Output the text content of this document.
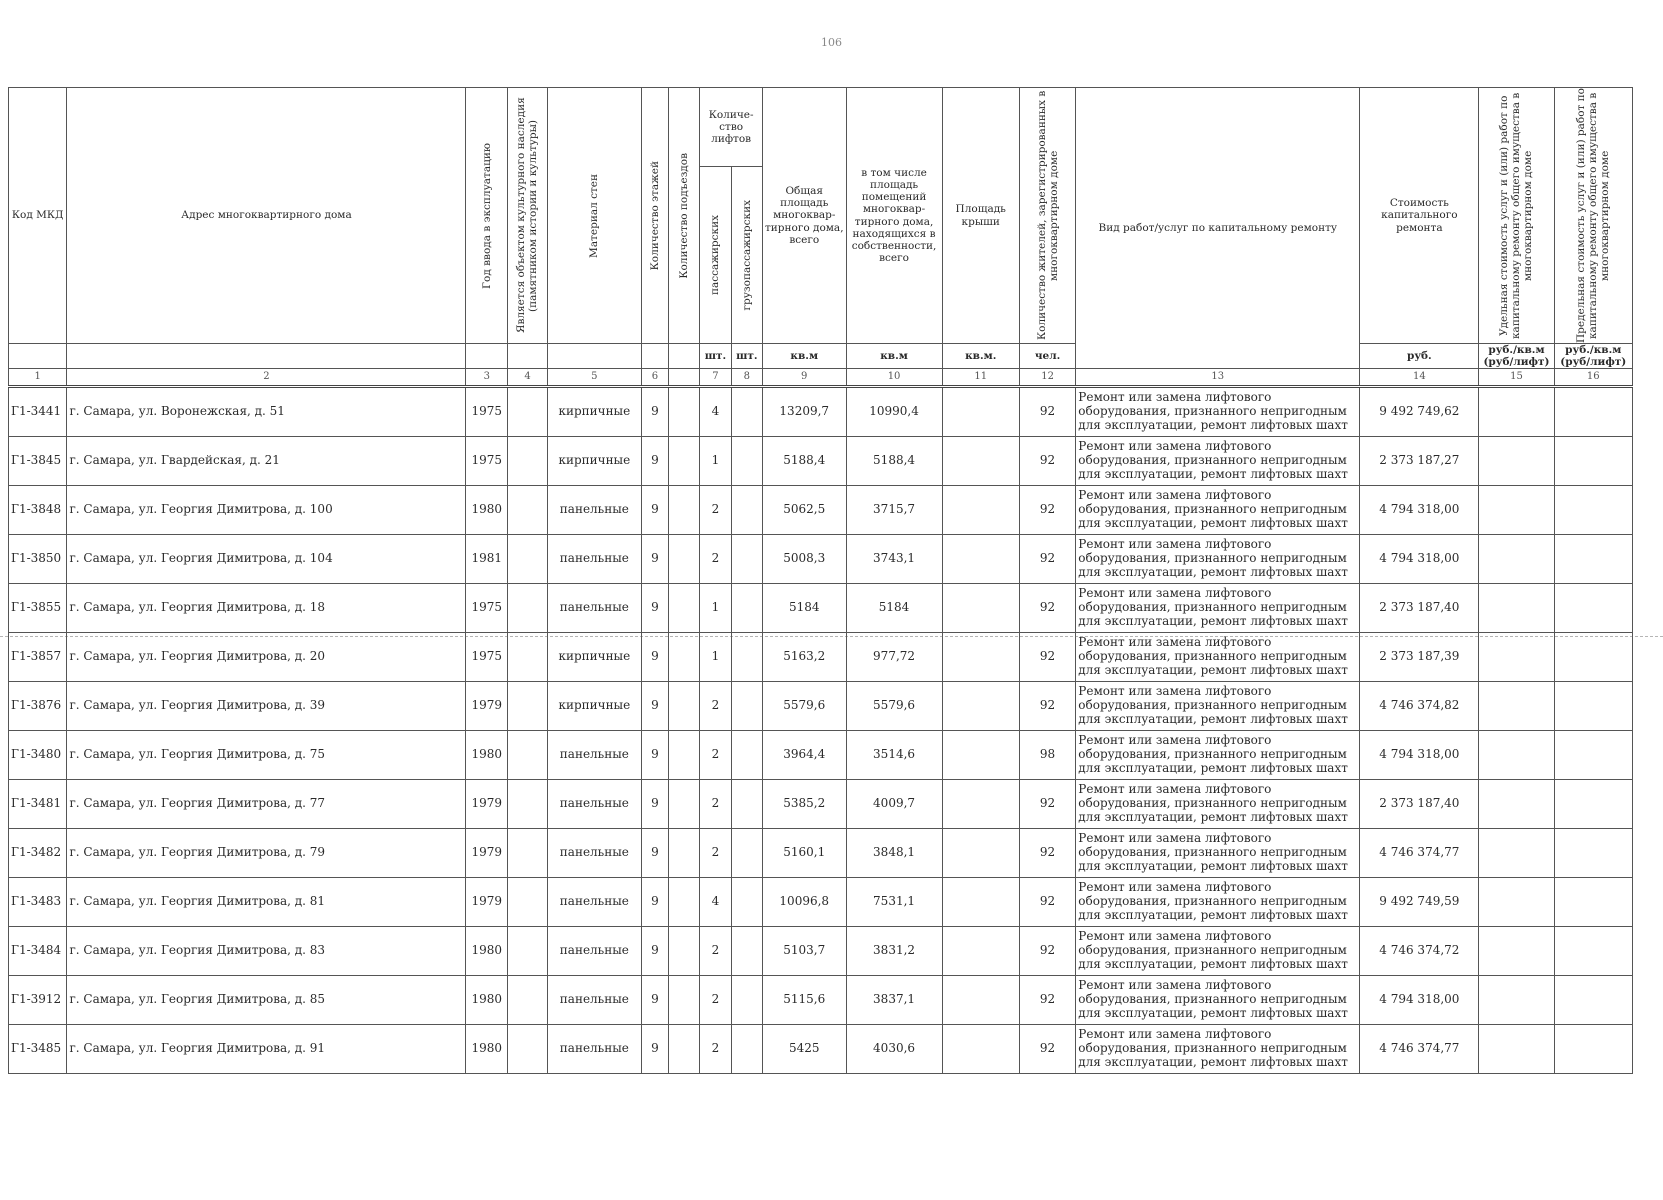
106
Код МКД	Адрес многоквартирного дома	Год ввода в эксплуатацию	Является объектом культурного наследия (памятником истории и культуры)	Материал стен	Количество этажей	Количество подъездов	Количе-ство лифтов		Общая площадь многоквар-тирного дома, всего	в том числе площадь помещений многоквар-тирного дома, находящихся в собственности, всего	Площадь крыши	Количество жителей, зарегистрированных в многоквартирном доме	Вид работ/услуг по капитальному ремонту	Стоимость капитального ремонта	Удельная стоимость услуг и (или) работ по капитальному ремонту общего имущества в многоквартирном доме	Предельная стоимость услуг и (или) работ по капитальному ремонту общего имущества в многоквартирном доме

							пассажирских	грузопассажирских								

							шт.	шт.	кв.м	кв.м	кв.м.	чел.		руб.	руб./кв.м (руб/лифт)	руб./кв.м (руб/лифт)
1	2	3	4	5	6		7	8	9	10	11	12	13	14	15	16
Г1-3441	г. Самара, ул. Воронежская, д. 51	1975		кирпичные	9		4		13209,7	10990,4		92	Ремонт или замена лифтового оборудования, признанного непригодным для эксплуатации, ремонт лифтовых шахт	9 492 749,62		
Г1-3845	г. Самара, ул. Гвардейская, д. 21	1975		кирпичные	9		1		5188,4	5188,4		92	Ремонт или замена лифтового оборудования, признанного непригодным для эксплуатации, ремонт лифтовых шахт	2 373 187,27		
Г1-3848	г. Самара, ул. Георгия Димитрова, д. 100	1980		панельные	9		2		5062,5	3715,7		92	Ремонт или замена лифтового оборудования, признанного непригодным для эксплуатации, ремонт лифтовых шахт	4 794 318,00		
Г1-3850	г. Самара, ул. Георгия Димитрова, д. 104	1981		панельные	9		2		5008,3	3743,1		92	Ремонт или замена лифтового оборудования, признанного непригодным для эксплуатации, ремонт лифтовых шахт	4 794 318,00		
Г1-3855	г. Самара, ул. Георгия Димитрова, д. 18	1975		панельные	9		1		5184	5184		92	Ремонт или замена лифтового оборудования, признанного непригодным для эксплуатации, ремонт лифтовых шахт	2 373 187,40		
Г1-3857	г. Самара, ул. Георгия Димитрова, д. 20	1975		кирпичные	9		1		5163,2	977,72		92	Ремонт или замена лифтового оборудования, признанного непригодным для эксплуатации, ремонт лифтовых шахт	2 373 187,39		
Г1-3876	г. Самара, ул. Георгия Димитрова, д. 39	1979		кирпичные	9		2		5579,6	5579,6		92	Ремонт или замена лифтового оборудования, признанного непригодным для эксплуатации, ремонт лифтовых шахт	4 746 374,82		
Г1-3480	г. Самара, ул. Георгия Димитрова, д. 75	1980		панельные	9		2		3964,4	3514,6		98	Ремонт или замена лифтового оборудования, признанного непригодным для эксплуатации, ремонт лифтовых шахт	4 794 318,00		
Г1-3481	г. Самара, ул. Георгия Димитрова, д. 77	1979		панельные	9		2		5385,2	4009,7		92	Ремонт или замена лифтового оборудования, признанного непригодным для эксплуатации, ремонт лифтовых шахт	2 373 187,40		
Г1-3482	г. Самара, ул. Георгия Димитрова, д. 79	1979		панельные	9		2		5160,1	3848,1		92	Ремонт или замена лифтового оборудования, признанного непригодным для эксплуатации, ремонт лифтовых шахт	4 746 374,77		
Г1-3483	г. Самара, ул. Георгия Димитрова, д. 81	1979		панельные	9		4		10096,8	7531,1		92	Ремонт или замена лифтового оборудования, признанного непригодным для эксплуатации, ремонт лифтовых шахт	9 492 749,59		
Г1-3484	г. Самара, ул. Георгия Димитрова, д. 83	1980		панельные	9		2		5103,7	3831,2		92	Ремонт или замена лифтового оборудования, признанного непригодным для эксплуатации, ремонт лифтовых шахт	4 746 374,72		
Г1-3912	г. Самара, ул. Георгия Димитрова, д. 85	1980		панельные	9		2		5115,6	3837,1		92	Ремонт или замена лифтового оборудования, признанного непригодным для эксплуатации, ремонт лифтовых шахт	4 794 318,00		
Г1-3485	г. Самара, ул. Георгия Димитрова, д. 91	1980		панельные	9		2		5425	4030,6		92	Ремонт или замена лифтового оборудования, признанного непригодным для эксплуатации, ремонт лифтовых шахт	4 746 374,77		
